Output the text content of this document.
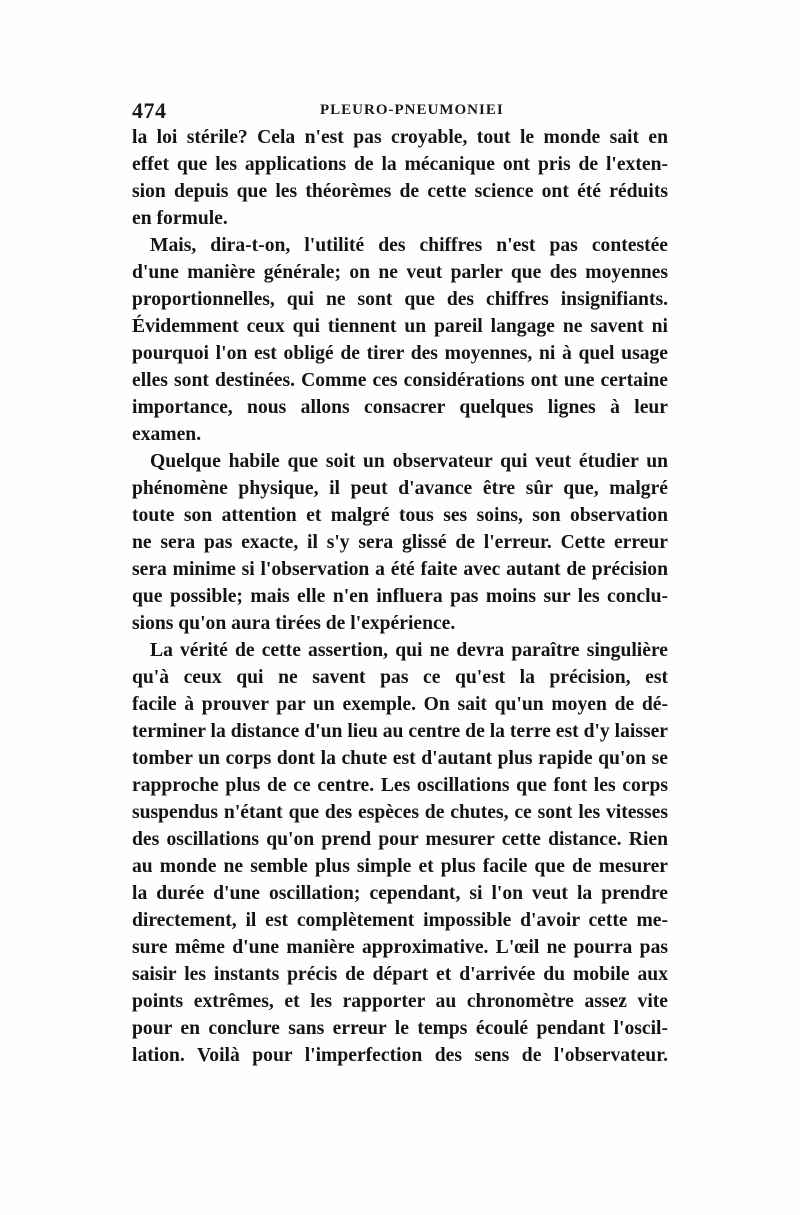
474	PLEURO-PNEUMONIEI

la loi stérile? Cela n'est pas croyable, tout le monde sait en
effet que les applications de la mécanique ont pris de l'exten-
sion depuis que les théorèmes de cette science ont été réduits
en formule.

Mais, dira-t-on, l'utilité des chiffres n'est pas contestée
d'une manière générale; on ne veut parler que des moyennes
proportionnelles, qui ne sont que des chiffres insignifiants.
Évidemment ceux qui tiennent un pareil langage ne savent ni
pourquoi l'on est obligé de tirer des moyennes, ni à quel usage
elles sont destinées. Comme ces considérations ont une certaine
importance, nous allons consacrer quelques lignes à leur
examen.

Quelque habile que soit un observateur qui veut étudier un
phénomène physique, il peut d'avance être sûr que, malgré
toute son attention et malgré tous ses soins, son observation
ne sera pas exacte, il s'y sera glissé de l'erreur. Cette erreur
sera minime si l'observation a été faite avec autant de précision
que possible; mais elle n'en influera pas moins sur les conclu-
sions qu'on aura tirées de l'expérience.

La vérité de cette assertion, qui ne devra paraître singulière
qu'à ceux qui ne savent pas ce qu'est la précision, est
facile à prouver par un exemple. On sait qu'un moyen de dé-
terminer la distance d'un lieu au centre de la terre est d'y laisser
tomber un corps dont la chute est d'autant plus rapide qu'on se
rapproche plus de ce centre. Les oscillations que font les corps
suspendus n'étant que des espèces de chutes, ce sont les vitesses
des oscillations qu'on prend pour mesurer cette distance. Rien
au monde ne semble plus simple et plus facile que de mesurer
la durée d'une oscillation; cependant, si l'on veut la prendre
directement, il est complètement impossible d'avoir cette me-
sure même d'une manière approximative. L'œil ne pourra pas
saisir les instants précis de départ et d'arrivée du mobile aux
points extrêmes, et les rapporter au chronomètre assez vite
pour en conclure sans erreur le temps écoulé pendant l'oscil-
lation. Voilà pour l'imperfection des sens de l'observateur.
